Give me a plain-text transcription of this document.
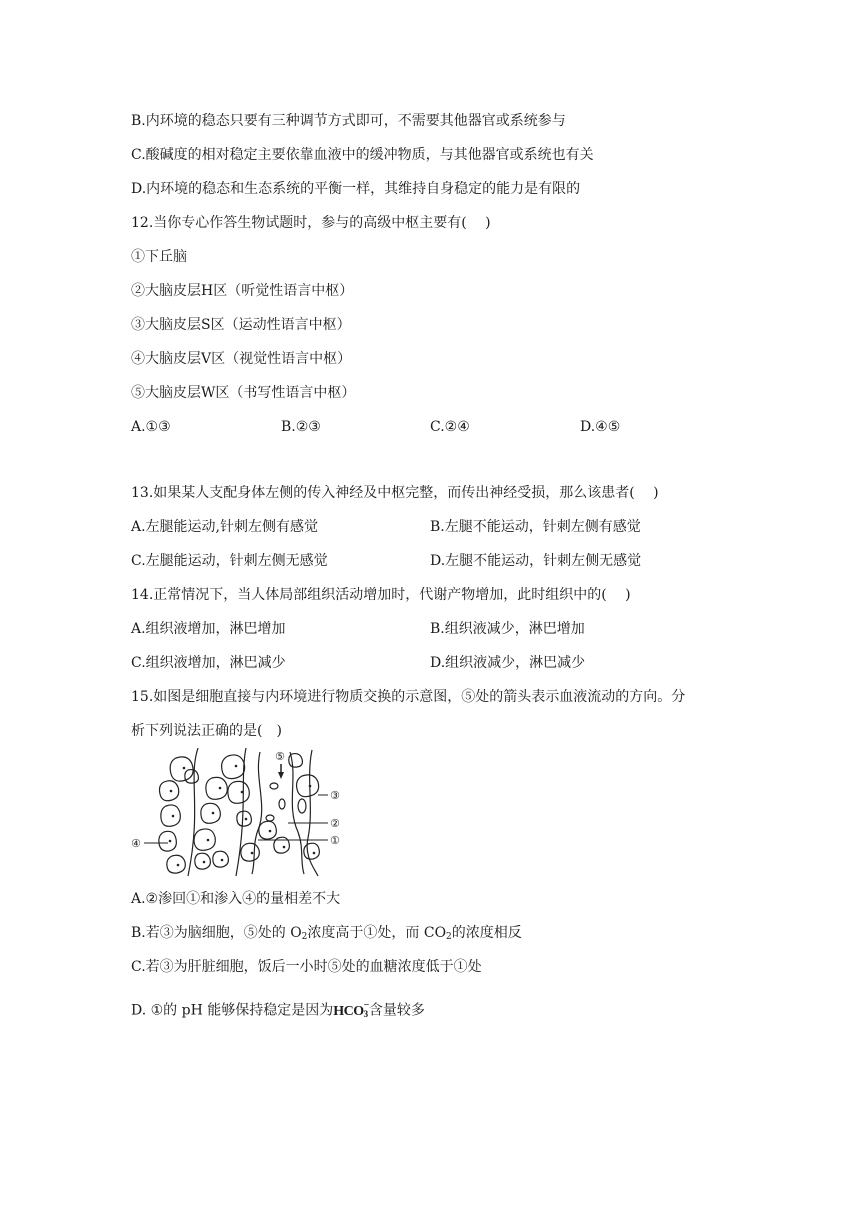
B.内环境的稳态只要有三种调节方式即可，不需要其他器官或系统参与
C.酸碱度的相对稳定主要依靠血液中的缓冲物质，与其他器官或系统也有关
D.内环境的稳态和生态系统的平衡一样，其维持自身稳定的能力是有限的
12.当你专心作答生物试题时，参与的高级中枢主要有(　 )
①下丘脑
②大脑皮层H区（听觉性语言中枢）
③大脑皮层S区（运动性语言中枢）
④大脑皮层V区（视觉性语言中枢）
⑤大脑皮层W区（书写性语言中枢）
A.①③	B.②③	C.②④	D.④⑤
13.如果某人支配身体左侧的传入神经及中枢完整，而传出神经受损，那么该患者(　 )
A.左腿能运动,针刺左侧有感觉	B.左腿不能运动，针刺左侧有感觉
C.左腿能运动，针刺左侧无感觉	D.左腿不能运动，针刺左侧无感觉
14.正常情况下，当人体局部组织活动增加时，代谢产物增加，此时组织中的(　 )
A.组织液增加，淋巴增加	B.组织液减少，淋巴增加
C.组织液增加，淋巴减少	D.组织液减少，淋巴减少
15.如图是细胞直接与内环境进行物质交换的示意图，⑤处的箭头表示血液流动的方向。分
析下列说法正确的是(　)
⑤
③
②
①
④
A.②渗回①和渗入④的量相差不大
B.若③为脑细胞，⑤处的 $O_2$浓度高于①处，而 $CO_2$的浓度相反
C.若③为肝脏细胞，饭后一小时⑤处的血糖浓度低于①处
D. ①的 pH 能够保持稳定是因为$HCO_3^-$含量较多
